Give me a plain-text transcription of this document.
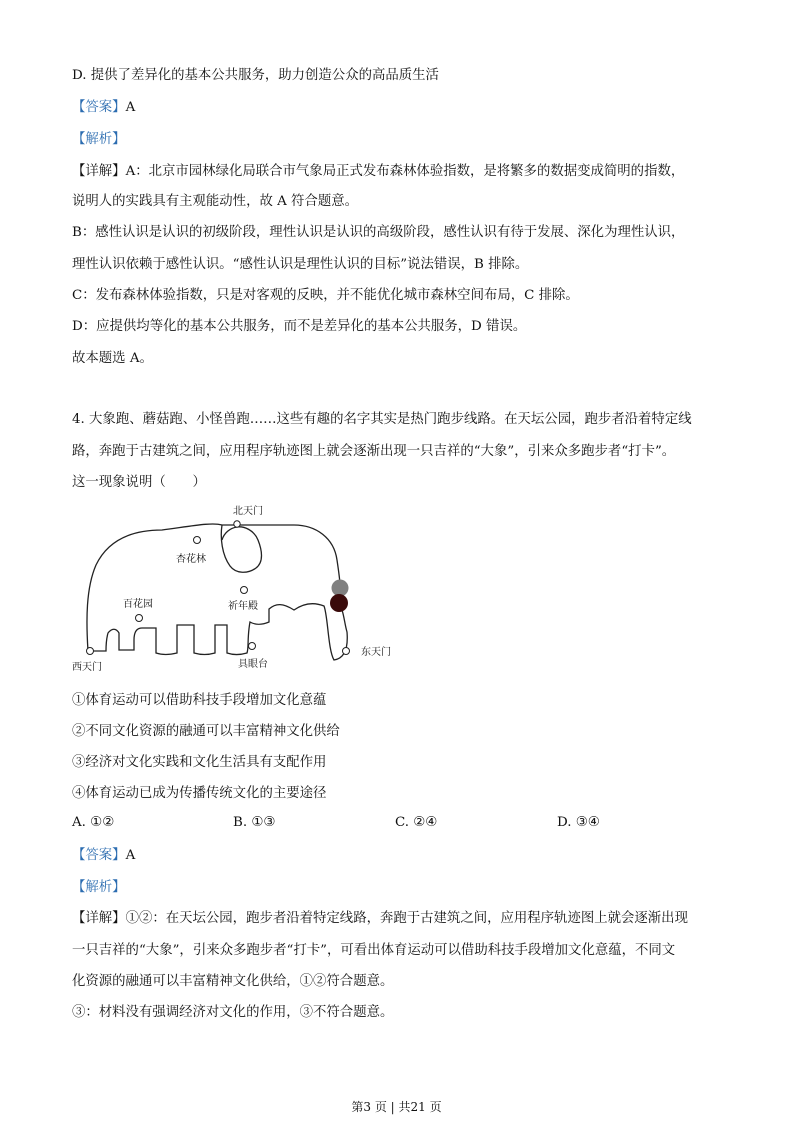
D. 提供了差异化的基本公共服务，助力创造公众的高品质生活
【答案】A
【解析】
【详解】A：北京市园林绿化局联合市气象局正式发布森林体验指数，是将繁多的数据变成简明的指数，
说明人的实践具有主观能动性，故 A 符合题意。
B：感性认识是认识的初级阶段，理性认识是认识的高级阶段，感性认识有待于发展、深化为理性认识，
理性认识依赖于感性认识。“感性认识是理性认识的目标”说法错误，B 排除。
C：发布森林体验指数，只是对客观的反映，并不能优化城市森林空间布局，C 排除。
D：应提供均等化的基本公共服务，而不是差异化的基本公共服务，D 错误。
故本题选 A。
4. 大象跑、蘑菇跑、小怪兽跑……这些有趣的名字其实是热门跑步线路。在天坛公园，跑步者沿着特定线
路，奔跑于古建筑之间，应用程序轨迹图上就会逐渐出现一只吉祥的“大象”，引来众多跑步者“打卡”。
这一现象说明（　　）
北天门
杏花林
百花园	祈年殿
东天门
西天门	具眼台
①体育运动可以借助科技手段增加文化意蕴
②不同文化资源的融通可以丰富精神文化供给
③经济对文化实践和文化生活具有支配作用
④体育运动已成为传播传统文化的主要途径
A. ①②	B. ①③	C. ②④	D. ③④
【答案】A
【解析】
【详解】①②：在天坛公园，跑步者沿着特定线路，奔跑于古建筑之间，应用程序轨迹图上就会逐渐出现
一只吉祥的“大象”，引来众多跑步者“打卡”，可看出体育运动可以借助科技手段增加文化意蕴，不同文
化资源的融通可以丰富精神文化供给，①②符合题意。
③：材料没有强调经济对文化的作用，③不符合题意。
第3 页 | 共21 页
